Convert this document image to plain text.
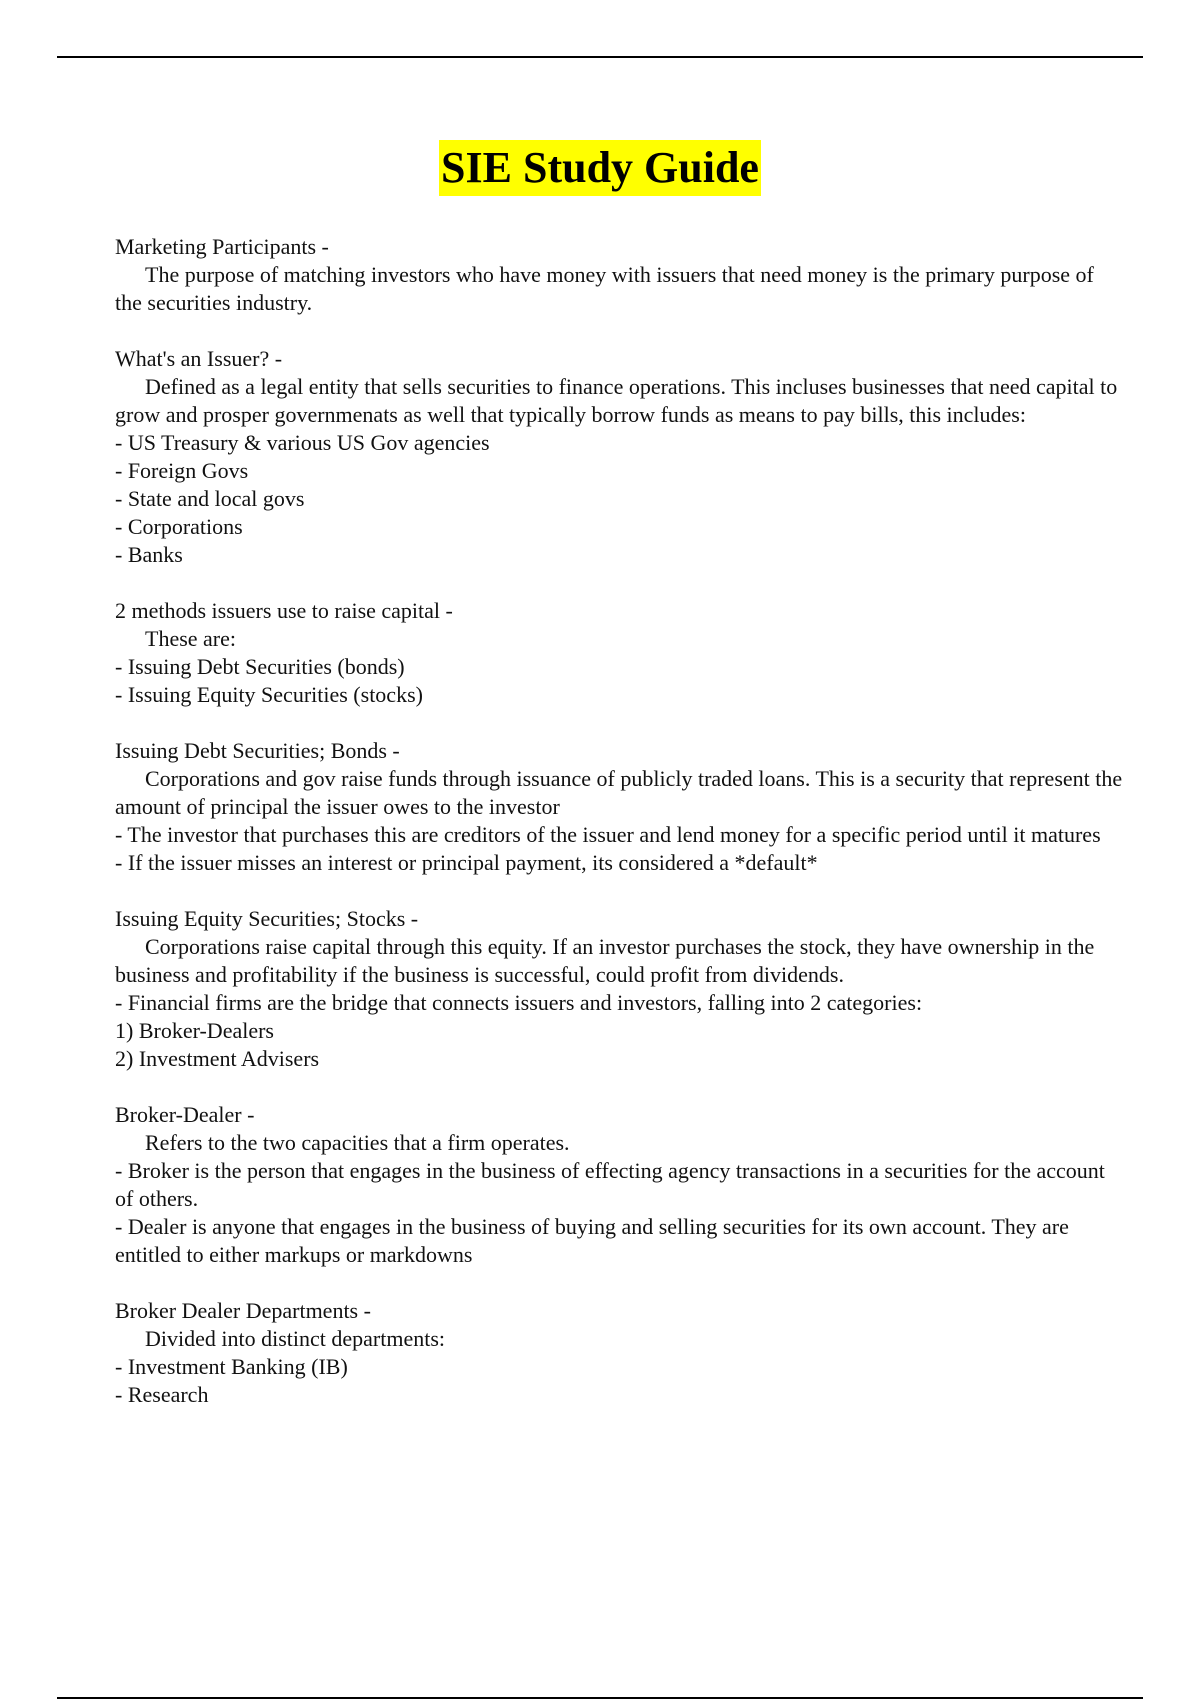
SIE Study Guide
Marketing Participants -
The purpose of matching investors who have money with issuers that need money is the primary purpose of the securities industry.
What's an Issuer? -
Defined as a legal entity that sells securities to finance operations. This incluses businesses that need capital to grow and prosper governmenats as well that typically borrow funds as means to pay bills, this includes:
- US Treasury & various US Gov agencies
- Foreign Govs
- State and local govs
- Corporations
- Banks
2 methods issuers use to raise capital -
These are:
- Issuing Debt Securities (bonds)
- Issuing Equity Securities (stocks)
Issuing Debt Securities; Bonds -
Corporations and gov raise funds through issuance of publicly traded loans. This is a security that represent the amount of principal the issuer owes to the investor
- The investor that purchases this are creditors of the issuer and lend money for a specific period until it matures
- If the issuer misses an interest or principal payment, its considered a *default*
Issuing Equity Securities; Stocks -
Corporations raise capital through this equity. If an investor purchases the stock, they have ownership in the business and profitability if the business is successful, could profit from dividends.
- Financial firms are the bridge that connects issuers and investors, falling into 2 categories:
1) Broker-Dealers
2) Investment Advisers
Broker-Dealer -
Refers to the two capacities that a firm operates.
- Broker is the person that engages in the business of effecting agency transactions in a securities for the account of others.
- Dealer is anyone that engages in the business of buying and selling securities for its own account. They are entitled to either markups or markdowns
Broker Dealer Departments -
Divided into distinct departments:
- Investment Banking (IB)
- Research
